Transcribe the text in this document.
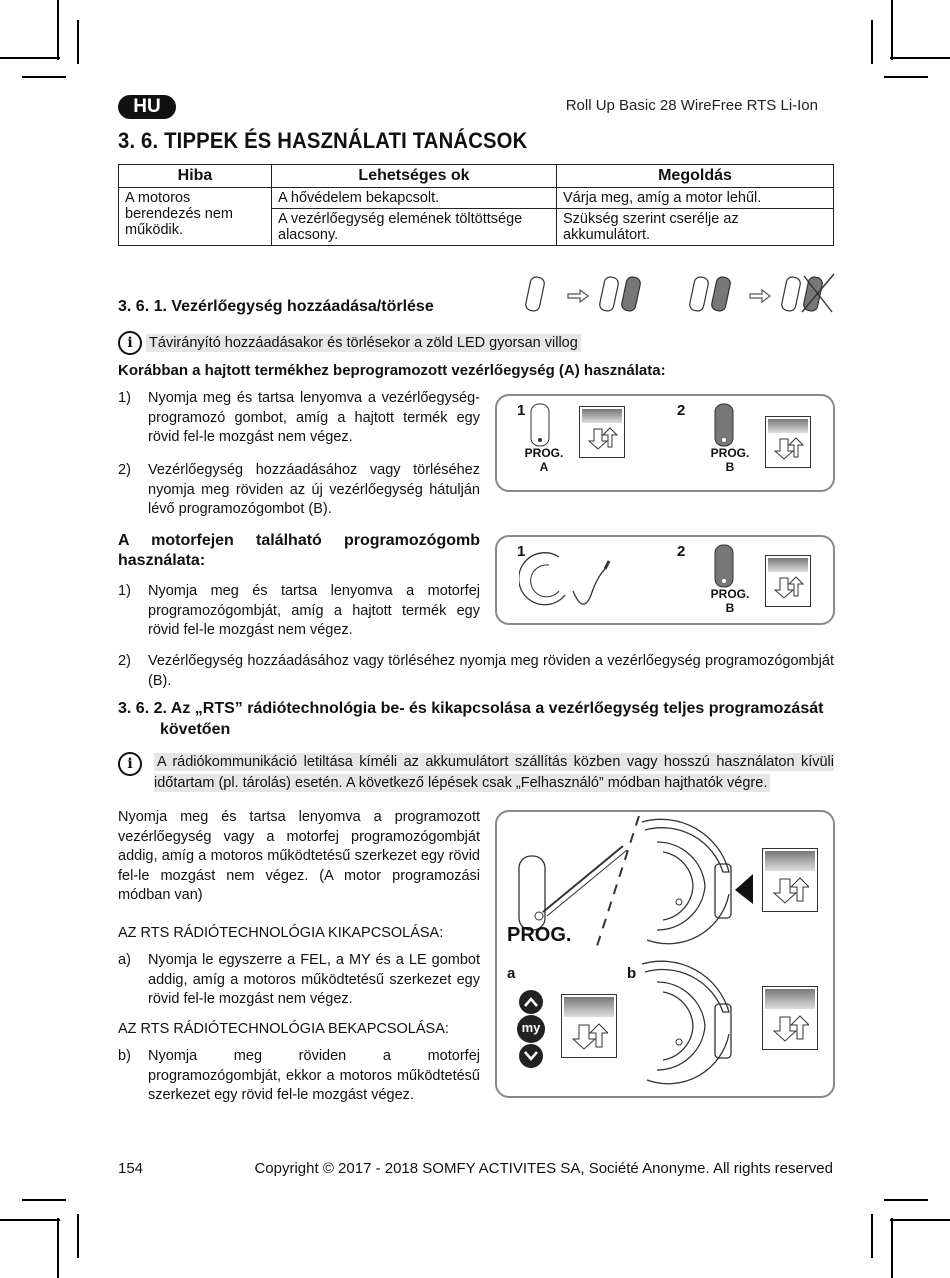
HU	Roll Up Basic 28 WireFree RTS Li-Ion
3. 6. TIPPEK ÉS HASZNÁLATI TANÁCSOK
Hiba	Lehetséges ok	Megoldás
A motoros berendezés nem működik.	A hővédelem bekapcsolt.	Várja meg, amíg a motor lehűl.
	A vezérlőegység elemének töltöttsége alacsony.	Szükség szerint cserélje az akkumulátort.
3. 6. 1. Vezérlőegység hozzáadása/törlése
i Távirányító hozzáadásakor és törlésekor a zöld LED gyorsan villog
Korábban a hajtott termékhez beprogramozott vezérlőegység (A) használata:
1) Nyomja meg és tartsa lenyomva a vezérlőegység-programozó gombot, amíg a hajtott termék egy rövid fel-le mozgást nem végez.
2) Vezérlőegység hozzáadásához vagy törléséhez nyomja meg röviden az új vezérlőegység hátulján lévő programozógombot (B).
A motorfejen található programozógomb használata:
1) Nyomja meg és tartsa lenyomva a motorfej programozógombját, amíg a hajtott termék egy rövid fel-le mozgást nem végez.
2) Vezérlőegység hozzáadásához vagy törléséhez nyomja meg röviden a vezérlőegység programozógombját (B).
1	2
PROG.
A
PROG.
B
1	2
PROG.
B
3. 6. 2. Az „RTS” rádiótechnológia be- és kikapcsolása a vezérlőegység teljes programozását
követően
i	A rádiókommunikáció letiltása kíméli az akkumulátort szállítás közben vagy hosszú használaton kívüli időtartam (pl. tárolás) esetén. A következő lépések csak „Felhasználó” módban hajthatók végre.
Nyomja meg és tartsa lenyomva a programozott vezérlőegység vagy a motorfej programozógombját addig, amíg a motoros működtetésű szerkezet egy rövid fel-le mozgást nem végez. (A motor programozási módban van)
AZ RTS RÁDIÓTECHNOLÓGIA KIKAPCSOLÁSA:
a) Nyomja le egyszerre a FEL, a MY és a LE gombot addig, amíg a motoros működtetésű szerkezet egy rövid fel-le mozgást nem végez.
AZ RTS RÁDIÓTECHNOLÓGIA BEKAPCSOLÁSA:
b) Nyomja meg röviden a motorfej programozógombját, ekkor a motoros működtetésű szerkezet egy rövid fel-le mozgást végez.
PROG.
a	b
my
154	Copyright © 2017 - 2018 SOMFY ACTIVITES SA, Société Anonyme. All rights reserved
